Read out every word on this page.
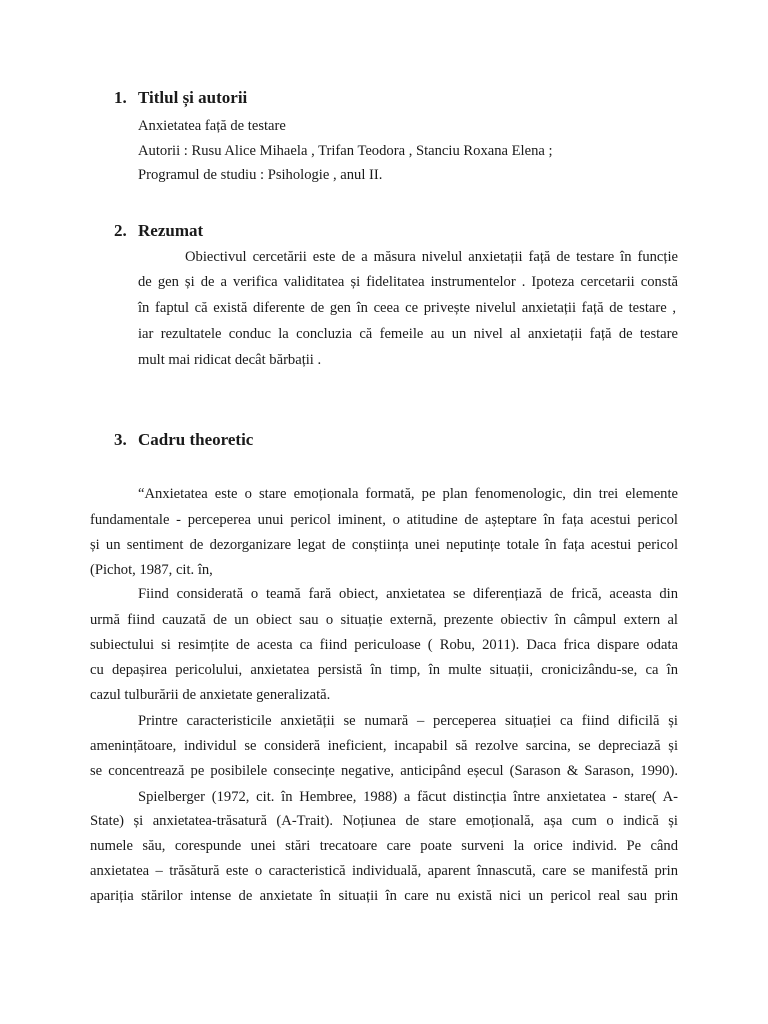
1. Titlul și autorii
Anxietatea față de testare
Autorii : Rusu Alice Mihaela , Trifan Teodora , Stanciu Roxana Elena ;
Programul de studiu : Psihologie , anul II.
2. Rezumat
Obiectivul cercetării este de a măsura nivelul anxietații față de testare în funcție
de gen și de a verifica validitatea și fidelitatea instrumentelor . Ipoteza cercetarii constă
în faptul că există diferente de gen în ceea ce privește nivelul anxietații față de testare ,
iar rezultatele conduc la concluzia că femeile au un nivel al anxietații față de testare
mult mai ridicat decât bărbații .
3. Cadru theoretic
“Anxietatea este o stare emoționala formată, pe plan fenomenologic, din trei elemente
fundamentale - perceperea unui pericol iminent, o atitudine de așteptare în fața acestui pericol
și un sentiment de dezorganizare legat de conștiința unei neputințe totale în fața acestui pericol
(Pichot, 1987, cit. în,
Fiind considerată o teamă fară obiect, anxietatea se diferențiază de frică, aceasta din
urmă fiind cauzată de un obiect sau o situație externă, prezente obiectiv în câmpul extern al
subiectului si resimțite de acesta ca fiind periculoase ( Robu, 2011). Daca frica dispare odata
cu depașirea pericolului, anxietatea persistă în timp, în multe situații, cronicizându-se, ca în
cazul tulburării de anxietate generalizată.
Printre caracteristicile anxietății se numară – perceperea situației ca fiind dificilă și
amenințătoare, individul se consideră ineficient, incapabil să rezolve sarcina, se depreciază și
se concentrează pe posibilele consecințe negative, anticipând eșecul (Sarason & Sarason, 1990).
Spielberger (1972, cit. în Hembree, 1988) a făcut distincția între anxietatea - stare( A-
State) și anxietatea-trăsatură (A-Trait). Noțiunea de stare emoțională, așa cum o indică și
numele său, corespunde unei stări trecatoare care poate surveni la orice individ. Pe când
anxietatea – trăsătură este o caracteristică individuală, aparent înnascută, care se manifestă prin
apariția stărilor intense de anxietate în situații în care nu există nici un pericol real sau prin
